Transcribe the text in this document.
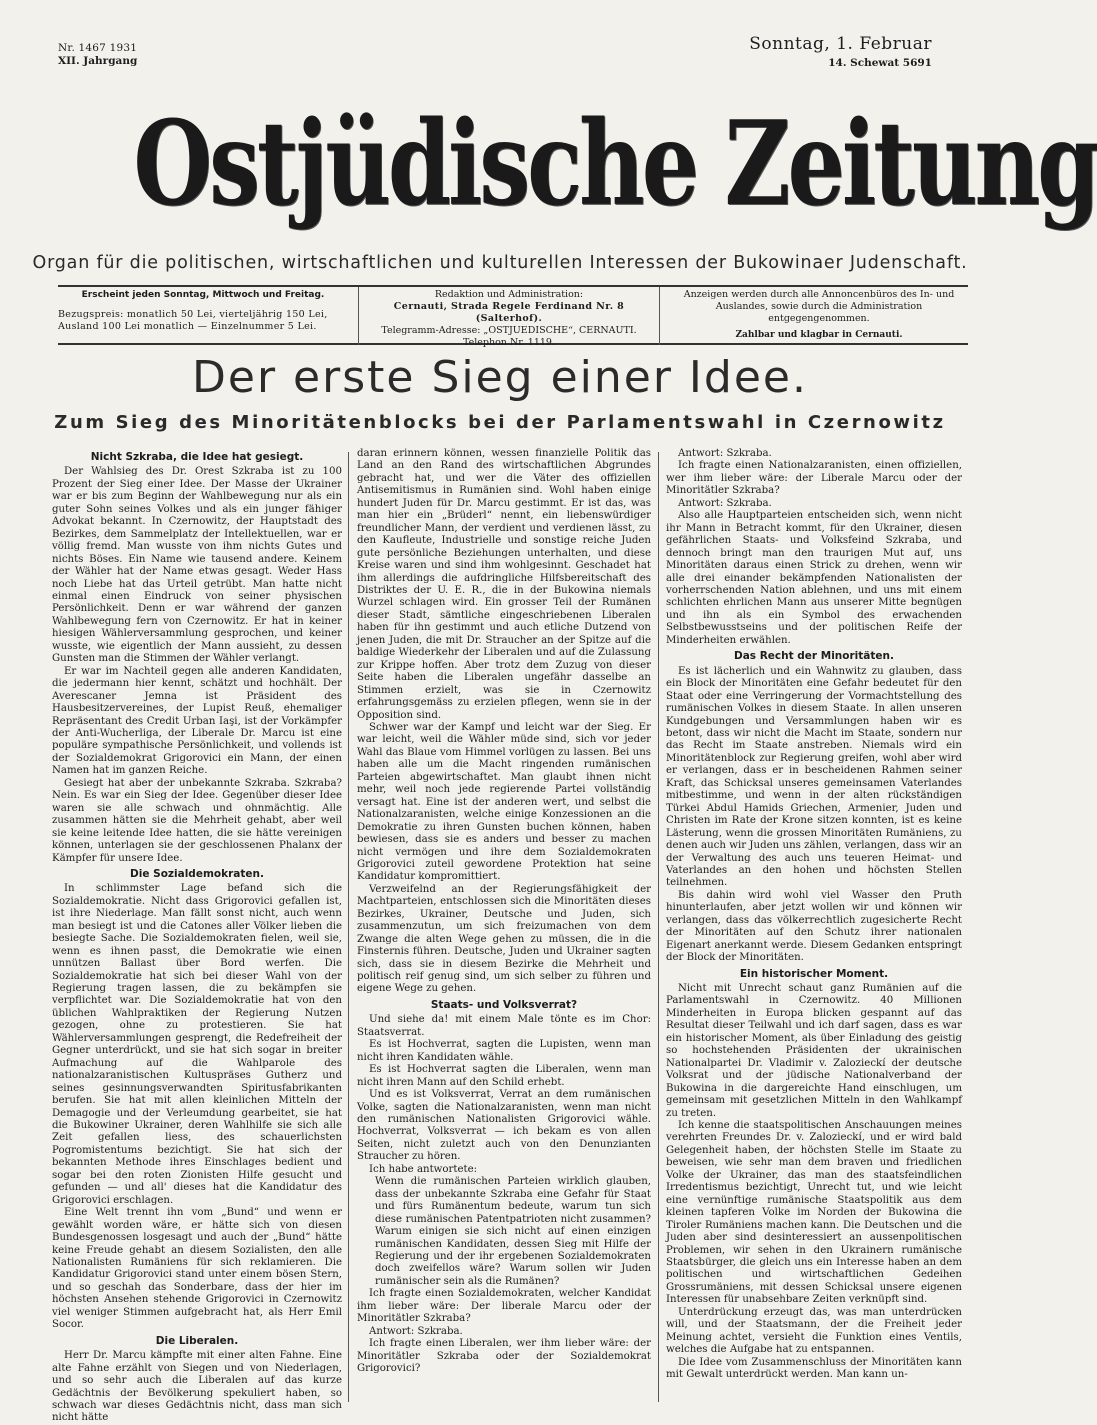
Nr. 1467 1931
XII. Jahrgang
Sonntag, 1. Februar
14. Schewat 5691
Ostjüdische Zeitung
Organ für die politischen, wirtschaftlichen und kulturellen Interessen der Bukowinaer Judenschaft.
Erscheint jeden Sonntag, Mittwoch und Freitag.
Bezugspreis: monatlich 50 Lei, vierteljährig 150 Lei,
Ausland 100 Lei monatlich — Einzelnummer 5 Lei.
Redaktion und Administration:
Cernauti, Strada Regele Ferdinand Nr. 8 (Salterhof).
Telegramm-Adresse: „OSTJUEDISCHE“, CERNAUTI.
Telephon Nr. 1119.
Anzeigen werden durch alle Annoncenbüros des In- und Auslandes, sowie durch die Administration entgegengenommen.
Zahlbar und klagbar in Cernauti.
Der erste Sieg einer Idee.
Zum Sieg des Minoritätenblocks bei der Parlamentswahl in Czernowitz
Nicht Szkraba, die Idee hat gesiegt.

Der Wahlsieg des Dr. Orest Szkraba ist zu 100 Prozent der Sieg einer Idee. Der Masse der Ukrainer war er bis zum Beginn der Wahlbewegung nur als ein guter Sohn seines Volkes und als ein junger fähiger Advokat bekannt. In Czernowitz, der Hauptstadt des Bezirkes, dem Sammelplatz der Intellektuellen, war er völlig fremd. Man wusste von ihm nichts Gutes und nichts Böses. Ein Name wie tausend andere. Keinem der Wähler hat der Name etwas gesagt. Weder Hass noch Liebe hat das Urteil getrübt. Man hatte nicht einmal einen Eindruck von seiner physischen Persönlichkeit. Denn er war während der ganzen Wahlbewegung fern von Czernowitz. Er hat in keiner hiesigen Wählerversammlung gesprochen, und keiner wusste, wie eigentlich der Mann aussieht, zu dessen Gunsten man die Stimmen der Wähler verlangt.

Er war im Nachteil gegen alle anderen Kandidaten, die jedermann hier kennt, schätzt und hochhält. Der Averescaner Jemna ist Präsident des Hausbesitzervereines, der Lupist Reuß, ehemaliger Repräsentant des Credit Urban Iaşi, ist der Vorkämpfer der Anti-Wucherliga, der Liberale Dr. Marcu ist eine populäre sympathische Persönlichkeit, und vollends ist der Sozialdemokrat Grigorovici ein Mann, der einen Namen hat im ganzen Reiche.

Gesiegt hat aber der unbekannte Szkraba. Szkraba? Nein. Es war ein Sieg der Idee. Gegenüber dieser Idee waren sie alle schwach und ohnmächtig. Alle zusammen hätten sie die Mehrheit gehabt, aber weil sie keine leitende Idee hatten, die sie hätte vereinigen können, unterlagen sie der geschlossenen Phalanx der Kämpfer für unsere Idee.

Die Sozialdemokraten.

In schlimmster Lage befand sich die Sozialdemokratie. Nicht dass Grigorovici gefallen ist, ist ihre Niederlage. Man fällt sonst nicht, auch wenn man besiegt ist und die Catones aller Völker lieben die besiegte Sache. Die Sozialdemokraten fielen, weil sie, wenn es ihnen passt, die Demokratie wie einen unnützen Ballast über Bord werfen. Die Sozialdemokratie hat sich bei dieser Wahl von der Regierung tragen lassen, die zu bekämpfen sie verpflichtet war. Die Sozialdemokratie hat von den üblichen Wahlpraktiken der Regierung Nutzen gezogen, ohne zu protestieren. Sie hat Wählerversammlungen gesprengt, die Redefreiheit der Gegner unterdrückt, und sie hat sich sogar in breiter Aufmachung auf die Wahlparole des nationalzaranistischen Kultuspräses Gutherz und seines gesinnungsverwandten Spiritusfabrikanten berufen. Sie hat mit allen kleinlichen Mitteln der Demagogie und der Verleumdung gearbeitet, sie hat die Bukowiner Ukrainer, deren Wahlhilfe sie sich alle Zeit gefallen liess, des schauerlichsten Pogromistentums bezichtigt. Sie hat sich der bekannten Methode ihres Einschlages bedient und sogar bei den roten Zionisten Hilfe gesucht und gefunden — und all' dieses hat die Kandidatur des Grigorovici erschlagen.

Eine Welt trennt ihn vom „Bund“ und wenn er gewählt worden wäre, er hätte sich von diesen Bundesgenossen losgesagt und auch der „Bund“ hätte keine Freude gehabt an diesem Sozialisten, den alle Nationalisten Rumäniens für sich reklamieren. Die Kandidatur Grigorovici stand unter einem bösen Stern, und so geschah das Sonderbare, dass der hier im höchsten Ansehen stehende Grigorovici in Czernowitz viel weniger Stimmen aufgebracht hat, als Herr Emil Socor.

Die Liberalen.

Herr Dr. Marcu kämpfte mit einer alten Fahne. Eine alte Fahne erzählt von Siegen und von Niederlagen, und so sehr auch die Liberalen auf das kurze Gedächtnis der Bevölkerung spekuliert haben, so schwach war dieses Gedächtnis nicht, dass man sich nicht hätte

daran erinnern können, wessen finanzielle Politik das Land an den Rand des wirtschaftlichen Abgrundes gebracht hat, und wer die Väter des offiziellen Antisemitismus in Rumänien sind. Wohl haben einige hundert Juden für Dr. Marcu gestimmt. Er ist das, was man hier ein „Brüderl“ nennt, ein liebenswürdiger freundlicher Mann, der verdient und verdienen lässt, zu den Kaufleute, Industrielle und sonstige reiche Juden gute persönliche Beziehungen unterhalten, und diese Kreise waren und sind ihm wohlgesinnt. Geschadet hat ihm allerdings die aufdringliche Hilfsbereitschaft des Distriktes der U. E. R., die in der Bukowina niemals Wurzel schlagen wird. Ein grosser Teil der Rumänen dieser Stadt, sämtliche eingeschriebenen Liberalen haben für ihn gestimmt und auch etliche Dutzend von jenen Juden, die mit Dr. Straucher an der Spitze auf die baldige Wiederkehr der Liberalen und auf die Zulassung zur Krippe hoffen. Aber trotz dem Zuzug von dieser Seite haben die Liberalen ungefähr dasselbe an Stimmen erzielt, was sie in Czernowitz erfahrungsgemäss zu erzielen pflegen, wenn sie in der Opposition sind.

Schwer war der Kampf und leicht war der Sieg. Er war leicht, weil die Wähler müde sind, sich vor jeder Wahl das Blaue vom Himmel vorlügen zu lassen. Bei uns haben alle um die Macht ringenden rumänischen Parteien abgewirtschaftet. Man glaubt ihnen nicht mehr, weil noch jede regierende Partei vollständig versagt hat. Eine ist der anderen wert, und selbst die Nationalzaranisten, welche einige Konzessionen an die Demokratie zu ihren Gunsten buchen können, haben bewiesen, dass sie es anders und besser zu machen nicht vermögen und ihre dem Sozialdemokraten Grigorovici zuteil gewordene Protektion hat seine Kandidatur kompromittiert.

Verzweifelnd an der Regierungsfähigkeit der Machtparteien, entschlossen sich die Minoritäten dieses Bezirkes, Ukrainer, Deutsche und Juden, sich zusammenzutun, um sich freizumachen von dem Zwange die alten Wege gehen zu müssen, die in die Finsternis führen. Deutsche, Juden und Ukrainer sagten sich, dass sie in diesem Bezirke die Mehrheit und politisch reif genug sind, um sich selber zu führen und eigene Wege zu gehen.

Staats- und Volksverrat?

Und siehe da! mit einem Male tönte es im Chor: Staatsverrat.

Es ist Hochverrat, sagten die Lupisten, wenn man nicht ihren Kandidaten wähle.

Es ist Hochverrat sagten die Liberalen, wenn man nicht ihren Mann auf den Schild erhebt.

Und es ist Volksverrat, Verrat an dem rumänischen Volke, sagten die Nationalzaranisten, wenn man nicht den rumänischen Nationalisten Grigorovici wähle. Hochverrat, Volksverrat — ich bekam es von allen Seiten, nicht zuletzt auch von den Denunzianten Straucher zu hören.

Ich habe antwortete:

Wenn die rumänischen Parteien wirklich glauben, dass der unbekannte Szkraba eine Gefahr für Staat und fürs Rumänentum bedeute, warum tun sich diese rumänischen Patentpatrioten nicht zusammen? Warum einigen sie sich nicht auf einen einzigen rumänischen Kandidaten, dessen Sieg mit Hilfe der Regierung und der ihr ergebenen Sozialdemokraten doch zweifellos wäre? Warum sollen wir Juden rumänischer sein als die Rumänen?

Ich fragte einen Sozialdemokraten, welcher Kandidat ihm lieber wäre: Der liberale Marcu oder der Minoritätler Szkraba?

Antwort: Szkraba.

Ich fragte einen Liberalen, wer ihm lieber wäre: der Minoritätler Szkraba oder der Sozialdemokrat Grigorovici?

Antwort: Szkraba.

Ich fragte einen Nationalzaranisten, einen offiziellen, wer ihm lieber wäre: der Liberale Marcu oder der Minoritätler Szkraba?

Antwort: Szkraba.

Also alle Hauptparteien entscheiden sich, wenn nicht ihr Mann in Betracht kommt, für den Ukrainer, diesen gefährlichen Staats- und Volksfeind Szkraba, und dennoch bringt man den traurigen Mut auf, uns Minoritäten daraus einen Strick zu drehen, wenn wir alle drei einander bekämpfenden Nationalisten der vorherrschenden Nation ablehnen, und uns mit einem schlichten ehrlichen Mann aus unserer Mitte begnügen und ihn als ein Symbol des erwachenden Selbstbewusstseins und der politischen Reife der Minderheiten erwählen.

Das Recht der Minoritäten.

Es ist lächerlich und ein Wahnwitz zu glauben, dass ein Block der Minoritäten eine Gefahr bedeutet für den Staat oder eine Verringerung der Vormachtstellung des rumänischen Volkes in diesem Staate. In allen unseren Kundgebungen und Versammlungen haben wir es betont, dass wir nicht die Macht im Staate, sondern nur das Recht im Staate anstreben. Niemals wird ein Minoritätenblock zur Regierung greifen, wohl aber wird er verlangen, dass er in bescheidenen Rahmen seiner Kraft, das Schicksal unseres gemeinsamen Vaterlandes mitbestimme, und wenn in der alten rückständigen Türkei Abdul Hamids Griechen, Armenier, Juden und Christen im Rate der Krone sitzen konnten, ist es keine Lästerung, wenn die grossen Minoritäten Rumäniens, zu denen auch wir Juden uns zählen, verlangen, dass wir an der Verwaltung des auch uns teueren Heimat- und Vaterlandes an den hohen und höchsten Stellen teilnehmen.

Bis dahin wird wohl viel Wasser den Pruth hinunterlaufen, aber jetzt wollen wir und können wir verlangen, dass das völkerrechtlich zugesicherte Recht der Minoritäten auf den Schutz ihrer nationalen Eigenart anerkannt werde. Diesem Gedanken entspringt der Block der Minoritäten.

Ein historischer Moment.

Nicht mit Unrecht schaut ganz Rumänien auf die Parlamentswahl in Czernowitz. 40 Millionen Minderheiten in Europa blicken gespannt auf das Resultat dieser Teilwahl und ich darf sagen, dass es war ein historischer Moment, als über Einladung des geistig so hochstehenden Präsidenten der ukrainischen Nationalpartei Dr. Vladimir v. Zalozieckí der deutsche Volksrat und der jüdische Nationalverband der Bukowina in die dargereichte Hand einschlugen, um gemeinsam mit gesetzlichen Mitteln in den Wahlkampf zu treten.

Ich kenne die staatspolitischen Anschauungen meines verehrten Freundes Dr. v. Zalozieckí, und er wird bald Gelegenheit haben, der höchsten Stelle im Staate zu beweisen, wie sehr man dem braven und friedlichen Volke der Ukrainer, das man des staatsfeindlichen Irredentismus bezichtigt, Unrecht tut, und wie leicht eine vernünftige rumänische Staatspolitik aus dem kleinen tapferen Volke im Norden der Bukowina die Tiroler Rumäniens machen kann. Die Deutschen und die Juden aber sind desinteressiert an aussenpolitischen Problemen, wir sehen in den Ukrainern rumänische Staatsbürger, die gleich uns ein Interesse haben an dem politischen und wirtschaftlichen Gedeihen Grossrumäniens, mit dessen Schicksal unsere eigenen Interessen für unabsehbare Zeiten verknüpft sind.

Unterdrückung erzeugt das, was man unterdrücken will, und der Staatsmann, der die Freiheit jeder Meinung achtet, versieht die Funktion eines Ventils, welches die Aufgabe hat zu entspannen.

Die Idee vom Zusammenschluss der Minoritäten kann mit Gewalt unterdrückt werden. Man kann un-
